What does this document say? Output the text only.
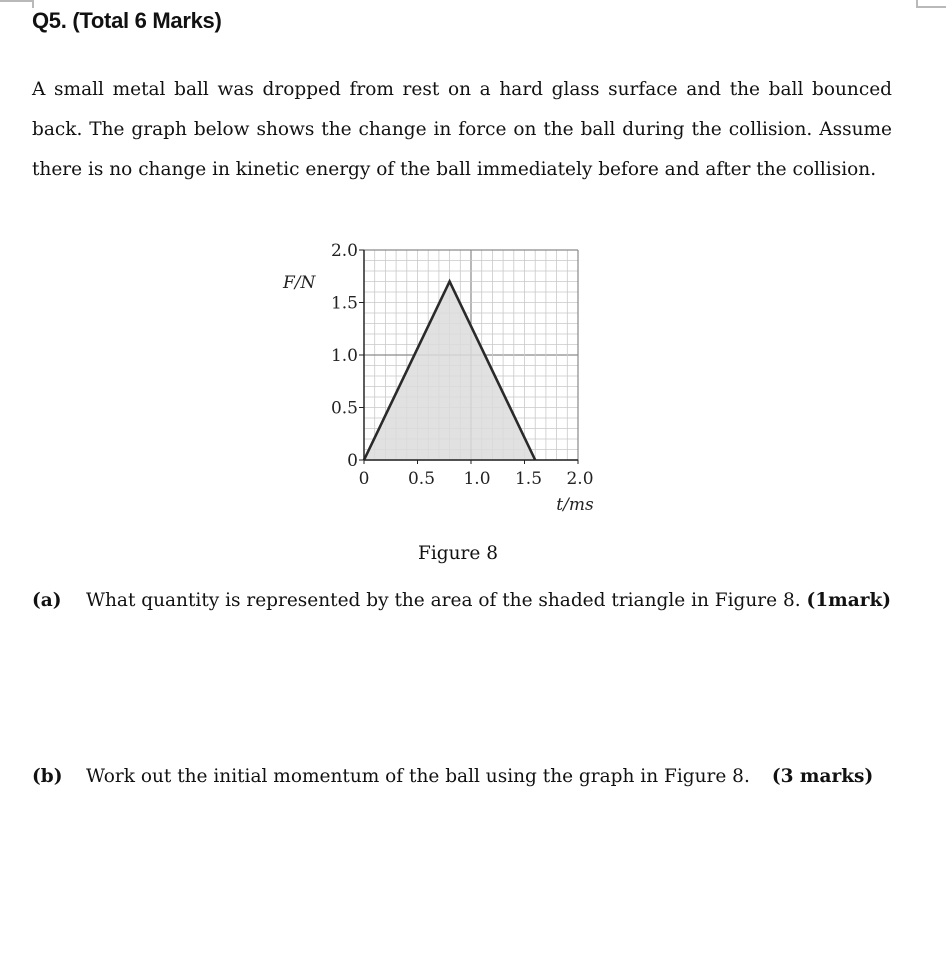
Q5. (Total 6 Marks)

A small metal ball was dropped from rest on a hard glass surface and the ball bounced back. The graph below shows the change in force on the ball during the collision. Assume there is no change in kinetic energy of the ball immediately before and after the collision.

0
0.5
1.0
1.5
2.0
0 0.5 1.0 1.5 2.0
F/N
t/ms
Figure 8

(a) What quantity is represented by the area of the shaded triangle in Figure 8. (1mark)

(b) Work out the initial momentum of the ball using the graph in Figure 8. (3 marks)
